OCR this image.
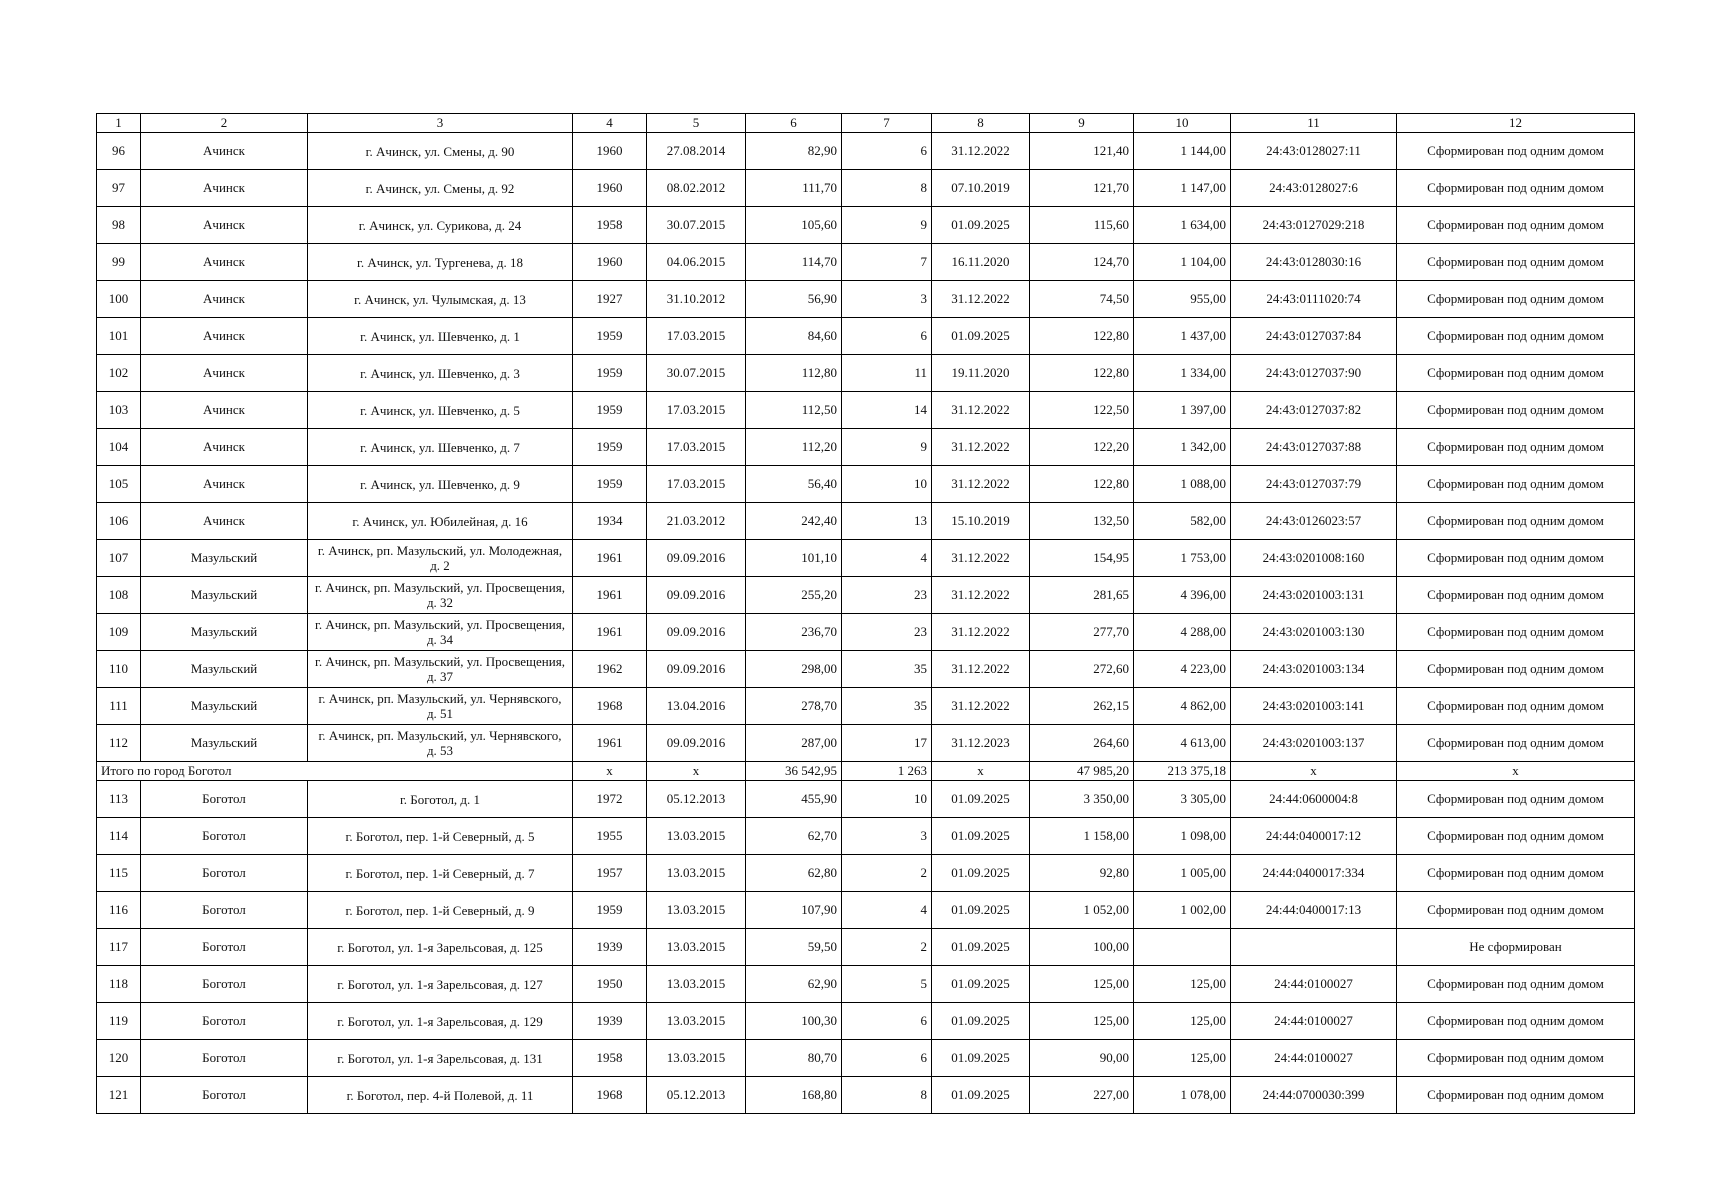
1	2	3	4	5	6	7	8	9	10	11	12
96	Ачинск	г. Ачинск, ул. Смены, д. 90	1960	27.08.2014	82,90	6	31.12.2022	121,40	1 144,00	24:43:0128027:11	Сформирован под одним домом
97	Ачинск	г. Ачинск, ул. Смены, д. 92	1960	08.02.2012	111,70	8	07.10.2019	121,70	1 147,00	24:43:0128027:6	Сформирован под одним домом
98	Ачинск	г. Ачинск, ул. Сурикова, д. 24	1958	30.07.2015	105,60	9	01.09.2025	115,60	1 634,00	24:43:0127029:218	Сформирован под одним домом
99	Ачинск	г. Ачинск, ул. Тургенева, д. 18	1960	04.06.2015	114,70	7	16.11.2020	124,70	1 104,00	24:43:0128030:16	Сформирован под одним домом
100	Ачинск	г. Ачинск, ул. Чулымская, д. 13	1927	31.10.2012	56,90	3	31.12.2022	74,50	955,00	24:43:0111020:74	Сформирован под одним домом
101	Ачинск	г. Ачинск, ул. Шевченко, д. 1	1959	17.03.2015	84,60	6	01.09.2025	122,80	1 437,00	24:43:0127037:84	Сформирован под одним домом
102	Ачинск	г. Ачинск, ул. Шевченко, д. 3	1959	30.07.2015	112,80	11	19.11.2020	122,80	1 334,00	24:43:0127037:90	Сформирован под одним домом
103	Ачинск	г. Ачинск, ул. Шевченко, д. 5	1959	17.03.2015	112,50	14	31.12.2022	122,50	1 397,00	24:43:0127037:82	Сформирован под одним домом
104	Ачинск	г. Ачинск, ул. Шевченко, д. 7	1959	17.03.2015	112,20	9	31.12.2022	122,20	1 342,00	24:43:0127037:88	Сформирован под одним домом
105	Ачинск	г. Ачинск, ул. Шевченко, д. 9	1959	17.03.2015	56,40	10	31.12.2022	122,80	1 088,00	24:43:0127037:79	Сформирован под одним домом
106	Ачинск	г. Ачинск, ул. Юбилейная, д. 16	1934	21.03.2012	242,40	13	15.10.2019	132,50	582,00	24:43:0126023:57	Сформирован под одним домом
107	Мазульский	г. Ачинск, рп. Мазульский, ул. Молодежная, д. 2	1961	09.09.2016	101,10	4	31.12.2022	154,95	1 753,00	24:43:0201008:160	Сформирован под одним домом
108	Мазульский	г. Ачинск, рп. Мазульский, ул. Просвещения, д. 32	1961	09.09.2016	255,20	23	31.12.2022	281,65	4 396,00	24:43:0201003:131	Сформирован под одним домом
109	Мазульский	г. Ачинск, рп. Мазульский, ул. Просвещения, д. 34	1961	09.09.2016	236,70	23	31.12.2022	277,70	4 288,00	24:43:0201003:130	Сформирован под одним домом
110	Мазульский	г. Ачинск, рп. Мазульский, ул. Просвещения, д. 37	1962	09.09.2016	298,00	35	31.12.2022	272,60	4 223,00	24:43:0201003:134	Сформирован под одним домом
111	Мазульский	г. Ачинск, рп. Мазульский, ул. Чернявского, д. 51	1968	13.04.2016	278,70	35	31.12.2022	262,15	4 862,00	24:43:0201003:141	Сформирован под одним домом
112	Мазульский	г. Ачинск, рп. Мазульский, ул. Чернявского, д. 53	1961	09.09.2016	287,00	17	31.12.2023	264,60	4 613,00	24:43:0201003:137	Сформирован под одним домом
Итого по город Боготол			x	x	36 542,95	1 263	x	47 985,20	213 375,18	x	x
113	Боготол	г. Боготол, д. 1	1972	05.12.2013	455,90	10	01.09.2025	3 350,00	3 305,00	24:44:0600004:8	Сформирован под одним домом
114	Боготол	г. Боготол, пер. 1-й Северный, д. 5	1955	13.03.2015	62,70	3	01.09.2025	1 158,00	1 098,00	24:44:0400017:12	Сформирован под одним домом
115	Боготол	г. Боготол, пер. 1-й Северный, д. 7	1957	13.03.2015	62,80	2	01.09.2025	92,80	1 005,00	24:44:0400017:334	Сформирован под одним домом
116	Боготол	г. Боготол, пер. 1-й Северный, д. 9	1959	13.03.2015	107,90	4	01.09.2025	1 052,00	1 002,00	24:44:0400017:13	Сформирован под одним домом
117	Боготол	г. Боготол, ул. 1-я Зарельсовая, д. 125	1939	13.03.2015	59,50	2	01.09.2025	100,00			Не сформирован
118	Боготол	г. Боготол, ул. 1-я Зарельсовая, д. 127	1950	13.03.2015	62,90	5	01.09.2025	125,00	125,00	24:44:0100027	Сформирован под одним домом
119	Боготол	г. Боготол, ул. 1-я Зарельсовая, д. 129	1939	13.03.2015	100,30	6	01.09.2025	125,00	125,00	24:44:0100027	Сформирован под одним домом
120	Боготол	г. Боготол, ул. 1-я Зарельсовая, д. 131	1958	13.03.2015	80,70	6	01.09.2025	90,00	125,00	24:44:0100027	Сформирован под одним домом
121	Боготол	г. Боготол, пер. 4-й Полевой, д. 11	1968	05.12.2013	168,80	8	01.09.2025	227,00	1 078,00	24:44:0700030:399	Сформирован под одним домом
